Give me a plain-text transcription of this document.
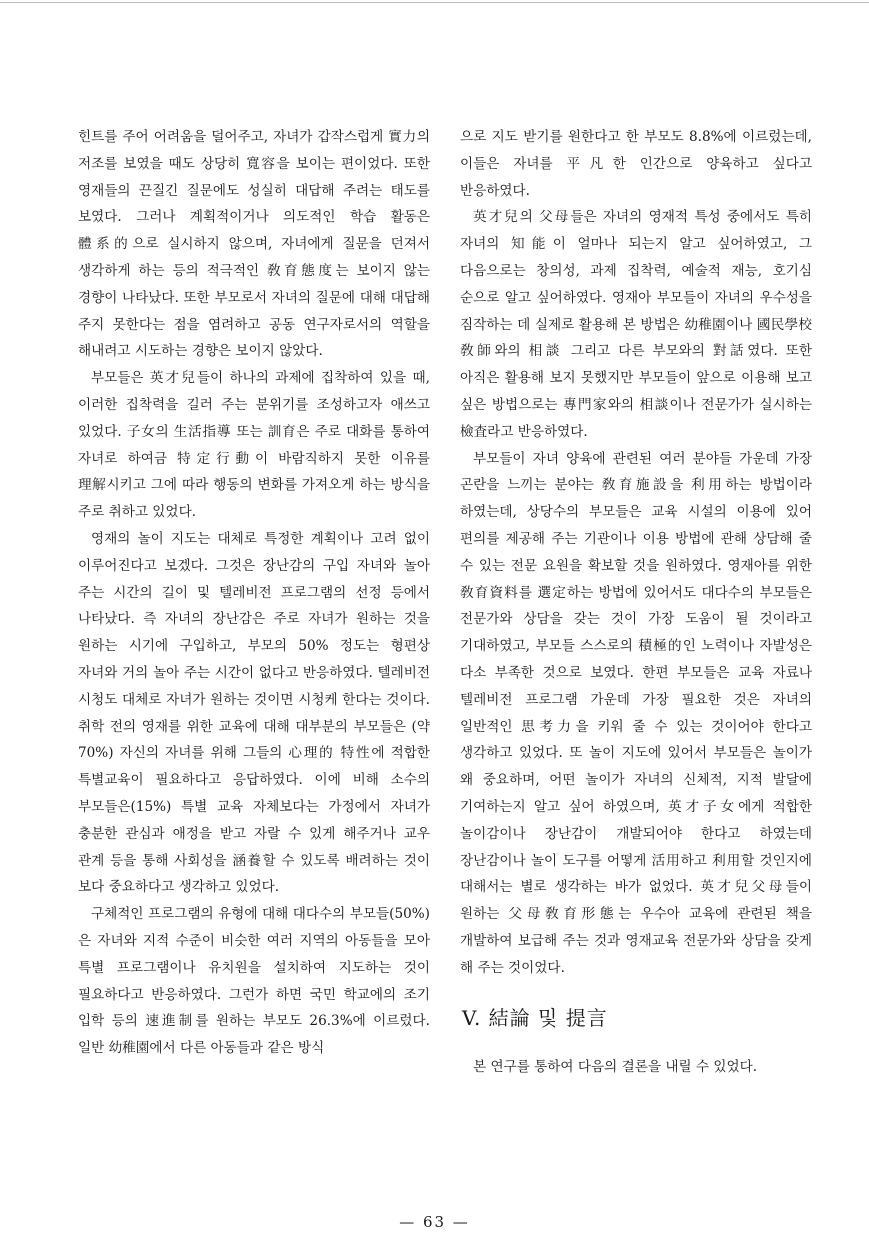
힌트를 주어 어려움을 덜어주고, 자녀가 갑작스럽게 實力의 저조를 보였을 때도 상당히 寬容을 보이는 편이었다. 또한 영재들의 끈질긴 질문에도 성실히 대답해 주려는 태도를 보였다. 그러나 계획적이거나 의도적인 학습 활동은 體系的으로 실시하지 않으며, 자녀에게 질문을 던져서 생각하게 하는 등의 적극적인 敎育態度는 보이지 않는 경향이 나타났다. 또한 부모로서 자녀의 질문에 대해 대답해 주지 못한다는 점을 염려하고 공동 연구자로서의 역할을 해내려고 시도하는 경향은 보이지 않았다.

부모들은 英才兒들이 하나의 과제에 집착하여 있을 때, 이러한 집착력을 길러 주는 분위기를 조성하고자 애쓰고 있었다. 子女의 生活指導 또는 訓育은 주로 대화를 통하여 자녀로 하여금 特定行動이 바람직하지 못한 이유를 理解시키고 그에 따라 행동의 변화를 가져오게 하는 방식을 주로 취하고 있었다.

영재의 놀이 지도는 대체로 특정한 계획이나 고려 없이 이루어진다고 보겠다. 그것은 장난감의 구입 자녀와 놀아 주는 시간의 길이 및 텔레비전 프로그램의 선정 등에서 나타났다. 즉 자녀의 장난감은 주로 자녀가 원하는 것을 원하는 시기에 구입하고, 부모의 50% 정도는 형편상 자녀와 거의 놀아 주는 시간이 없다고 반응하였다. 텔레비전 시청도 대체로 자녀가 원하는 것이면 시청케 한다는 것이다. 취학 전의 영재를 위한 교육에 대해 대부분의 부모들은 (약 70%) 자신의 자녀를 위해 그들의 心理的 特性에 적합한 특별교육이 필요하다고 응답하였다. 이에 비해 소수의 부모들은(15%) 특별 교육 자체보다는 가정에서 자녀가 충분한 관심과 애정을 받고 자랄 수 있게 해주거나 교우 관계 등을 통해 사회성을 涵養할 수 있도록 배려하는 것이 보다 중요하다고 생각하고 있었다.

구체적인 프로그램의 유형에 대해 대다수의 부모들(50%)은 자녀와 지적 수준이 비슷한 여러 지역의 아동들을 모아 특별 프로그램이나 유치원을 설치하여 지도하는 것이 필요하다고 반응하였다. 그런가 하면 국민 학교에의 조기 입학 등의 速進制를 원하는 부모도 26.3%에 이르렀다. 일반 幼稚園에서 다른 아동들과 같은 방식

으로 지도 받기를 원한다고 한 부모도 8.8%에 이르렀는데, 이들은 자녀를 平凡한 인간으로 양육하고 싶다고 반응하였다.

英才兒의 父母들은 자녀의 영재적 특성 중에서도 특히 자녀의 知能이 얼마나 되는지 알고 싶어하였고, 그 다음으로는 창의성, 과제 집착력, 예술적 재능, 호기심 순으로 알고 싶어하였다. 영재아 부모들이 자녀의 우수성을 짐작하는 데 실제로 활용해 본 방법은 幼稚園이나 國民學校 敎師와의 相談 그리고 다른 부모와의 對話였다. 또한 아직은 활용해 보지 못했지만 부모들이 앞으로 이용해 보고 싶은 방법으로는 專門家와의 相談이나 전문가가 실시하는 檢査라고 반응하였다.

부모들이 자녀 양육에 관련된 여러 분야들 가운데 가장 곤란을 느끼는 분야는 敎育施設을 利用하는 방법이라 하였는데, 상당수의 부모들은 교육 시설의 이용에 있어 편의를 제공해 주는 기관이나 이용 방법에 관해 상담해 줄 수 있는 전문 요원을 확보할 것을 원하였다. 영재아를 위한 敎育資料를 選定하는 방법에 있어서도 대다수의 부모들은 전문가와 상담을 갖는 것이 가장 도움이 될 것이라고 기대하였고, 부모들 스스로의 積極的인 노력이나 자발성은 다소 부족한 것으로 보였다. 한편 부모들은 교육 자료나 텔레비전 프로그램 가운데 가장 필요한 것은 자녀의 일반적인 思考力을 키워 줄 수 있는 것이어야 한다고 생각하고 있었다. 또 놀이 지도에 있어서 부모들은 놀이가 왜 중요하며, 어떤 놀이가 자녀의 신체적, 지적 발달에 기여하는지 알고 싶어 하였으며, 英才子女에게 적합한 놀이감이나 장난감이 개발되어야 한다고 하였는데 장난감이나 놀이 도구를 어떻게 活用하고 利用할 것인지에 대해서는 별로 생각하는 바가 없었다. 英才兒父母들이 원하는 父母敎育形態는 우수아 교육에 관련된 책을 개발하여 보급해 주는 것과 영재교육 전문가와 상담을 갖게 해 주는 것이었다.

V. 結論 및 提言

본 연구를 통하여 다음의 결론을 내릴 수 있었다.

— 63 —
